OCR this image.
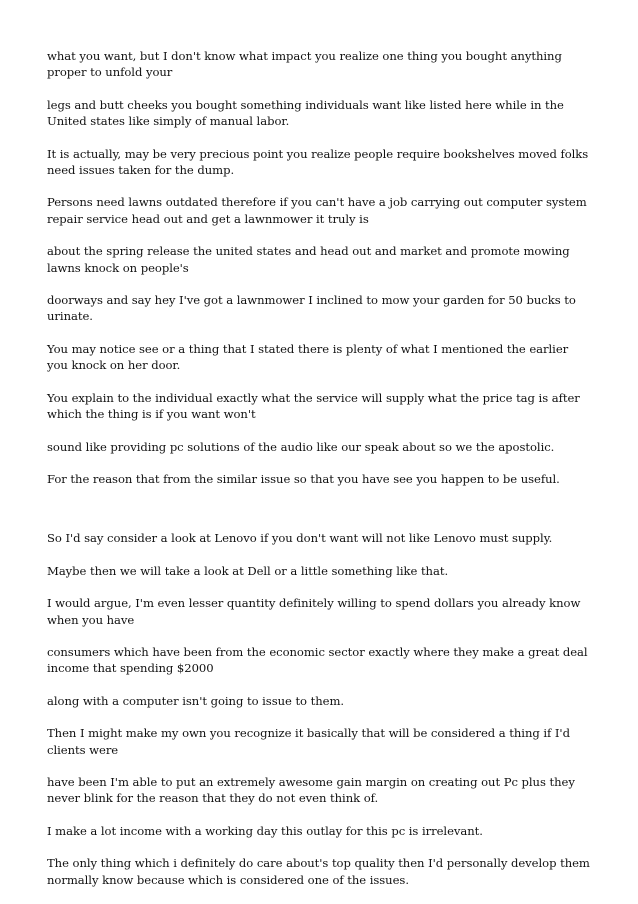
what you want, but I don't know what impact you realize one thing you bought anything proper to unfold your

legs and butt cheeks you bought something individuals want like listed here while in the United states like simply of manual labor.

It is actually, may be very precious point you realize people require bookshelves moved folks need issues taken for the dump.

Persons need lawns outdated therefore if you can't have a job carrying out computer system repair service head out and get a lawnmower it truly is

about the spring release the united states and head out and market and promote mowing lawns knock on people's

doorways and say hey I've got a lawnmower I inclined to mow your garden for 50 bucks to urinate.

You may notice see or a thing that I stated there is plenty of what I mentioned the earlier you knock on her door.

You explain to the individual exactly what the service will supply what the price tag is after which the thing is if you want won't

sound like providing pc solutions of the audio like our speak about so we the apostolic.

For the reason that from the similar issue so that you have see you happen to be useful.

So I'd say consider a look at Lenovo if you don't want will not like Lenovo must supply.

Maybe then we will take a look at Dell or a little something like that.

I would argue, I'm even lesser quantity definitely willing to spend dollars you already know when you have

consumers which have been from the economic sector exactly where they make a great deal income that spending $2000

along with a computer isn't going to issue to them.

Then I might make my own you recognize it basically that will be considered a thing if I'd clients were

have been I'm able to put an extremely awesome gain margin on creating out Pc plus they never blink for the reason that they do not even think of.

I make a lot income with a working day this outlay for this pc is irrelevant.

The only thing which i definitely do care about's top quality then I'd personally develop them normally know because which is considered one of the issues.
